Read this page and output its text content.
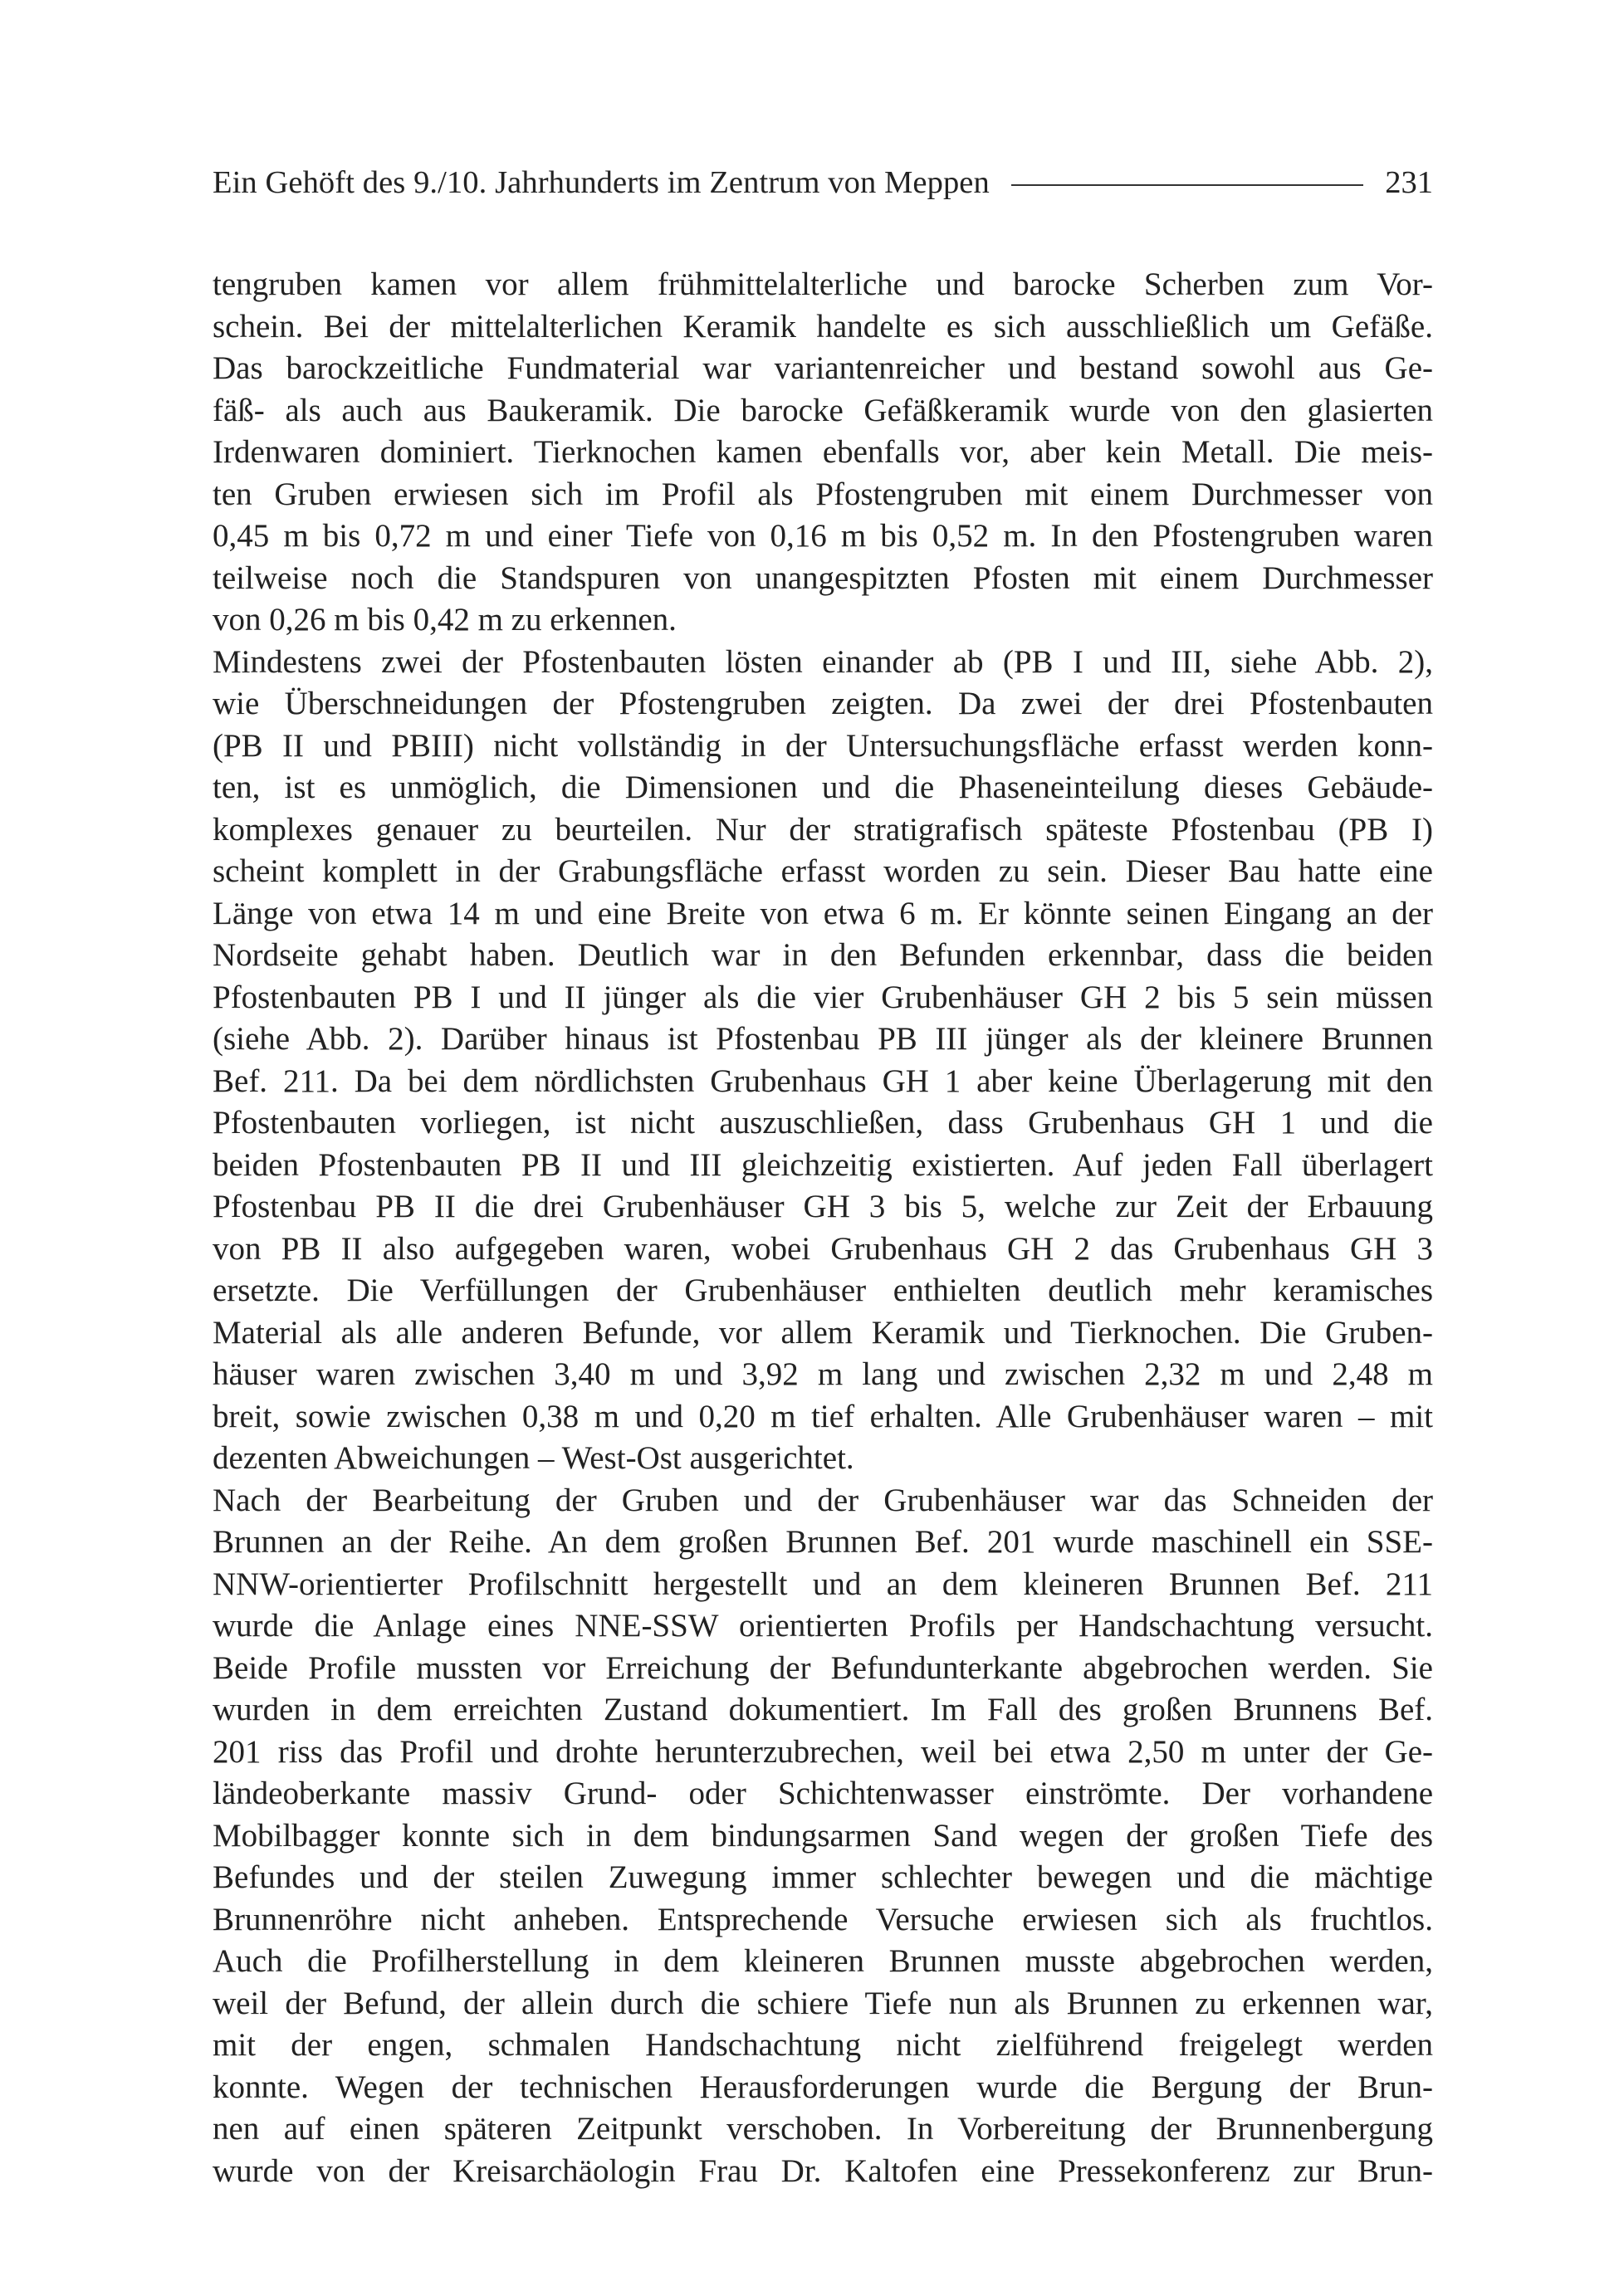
Ein Gehöft des 9./10. Jahrhunderts im Zentrum von Meppen	231
tengruben kamen vor allem frühmittelalterliche und barocke Scherben zum Vor-
schein. Bei der mittelalterlichen Keramik handelte es sich ausschließlich um Gefäße.
Das barockzeitliche Fundmaterial war variantenreicher und bestand sowohl aus Ge-
fäß- als auch aus Baukeramik. Die barocke Gefäßkeramik wurde von den glasierten
Irdenwaren dominiert. Tierknochen kamen ebenfalls vor, aber kein Metall. Die meis-
ten Gruben erwiesen sich im Profil als Pfostengruben mit einem Durchmesser von
0,45 m bis 0,72 m und einer Tiefe von 0,16 m bis 0,52 m. In den Pfostengruben waren
teilweise noch die Standspuren von unangespitzten Pfosten mit einem Durchmesser
von 0,26 m bis 0,42 m zu erkennen.
Mindestens zwei der Pfostenbauten lösten einander ab (PB I und III, siehe Abb. 2),
wie Überschneidungen der Pfostengruben zeigten. Da zwei der drei Pfostenbauten
(PB II und PBIII) nicht vollständig in der Untersuchungsfläche erfasst werden konn-
ten, ist es unmöglich, die Dimensionen und die Phaseneinteilung dieses Gebäude-
komplexes genauer zu beurteilen. Nur der stratigrafisch späteste Pfostenbau (PB I)
scheint komplett in der Grabungsfläche erfasst worden zu sein. Dieser Bau hatte eine
Länge von etwa 14 m und eine Breite von etwa 6 m. Er könnte seinen Eingang an der
Nordseite gehabt haben. Deutlich war in den Befunden erkennbar, dass die beiden
Pfostenbauten PB I und II jünger als die vier Grubenhäuser GH 2 bis 5 sein müssen
(siehe Abb. 2). Darüber hinaus ist Pfostenbau PB III jünger als der kleinere Brunnen
Bef. 211. Da bei dem nördlichsten Grubenhaus GH 1 aber keine Überlagerung mit den
Pfostenbauten vorliegen, ist nicht auszuschließen, dass Grubenhaus GH 1 und die
beiden Pfostenbauten PB II und III gleichzeitig existierten. Auf jeden Fall überlagert
Pfostenbau PB II die drei Grubenhäuser GH 3 bis 5, welche zur Zeit der Erbauung
von PB II also aufgegeben waren, wobei Grubenhaus GH 2 das Grubenhaus GH 3
ersetzte. Die Verfüllungen der Grubenhäuser enthielten deutlich mehr keramisches
Material als alle anderen Befunde, vor allem Keramik und Tierknochen. Die Gruben-
häuser waren zwischen 3,40 m und 3,92 m lang und zwischen 2,32 m und 2,48 m
breit, sowie zwischen 0,38 m und 0,20 m tief erhalten. Alle Grubenhäuser waren – mit
dezenten Abweichungen – West-Ost ausgerichtet.
Nach der Bearbeitung der Gruben und der Grubenhäuser war das Schneiden der
Brunnen an der Reihe. An dem großen Brunnen Bef. 201 wurde maschinell ein SSE-
NNW-orientierter Profilschnitt hergestellt und an dem kleineren Brunnen Bef. 211
wurde die Anlage eines NNE-SSW orientierten Profils per Handschachtung versucht.
Beide Profile mussten vor Erreichung der Befundunterkante abgebrochen werden. Sie
wurden in dem erreichten Zustand dokumentiert. Im Fall des großen Brunnens Bef.
201 riss das Profil und drohte herunterzubrechen, weil bei etwa 2,50 m unter der Ge-
ländeoberkante massiv Grund- oder Schichtenwasser einströmte. Der vorhandene
Mobilbagger konnte sich in dem bindungsarmen Sand wegen der großen Tiefe des
Befundes und der steilen Zuwegung immer schlechter bewegen und die mächtige
Brunnenröhre nicht anheben. Entsprechende Versuche erwiesen sich als fruchtlos.
Auch die Profilherstellung in dem kleineren Brunnen musste abgebrochen werden,
weil der Befund, der allein durch die schiere Tiefe nun als Brunnen zu erkennen war,
mit der engen, schmalen Handschachtung nicht zielführend freigelegt werden
konnte. Wegen der technischen Herausforderungen wurde die Bergung der Brun-
nen auf einen späteren Zeitpunkt verschoben. In Vorbereitung der Brunnenbergung
wurde von der Kreisarchäologin Frau Dr. Kaltofen eine Pressekonferenz zur Brun-
